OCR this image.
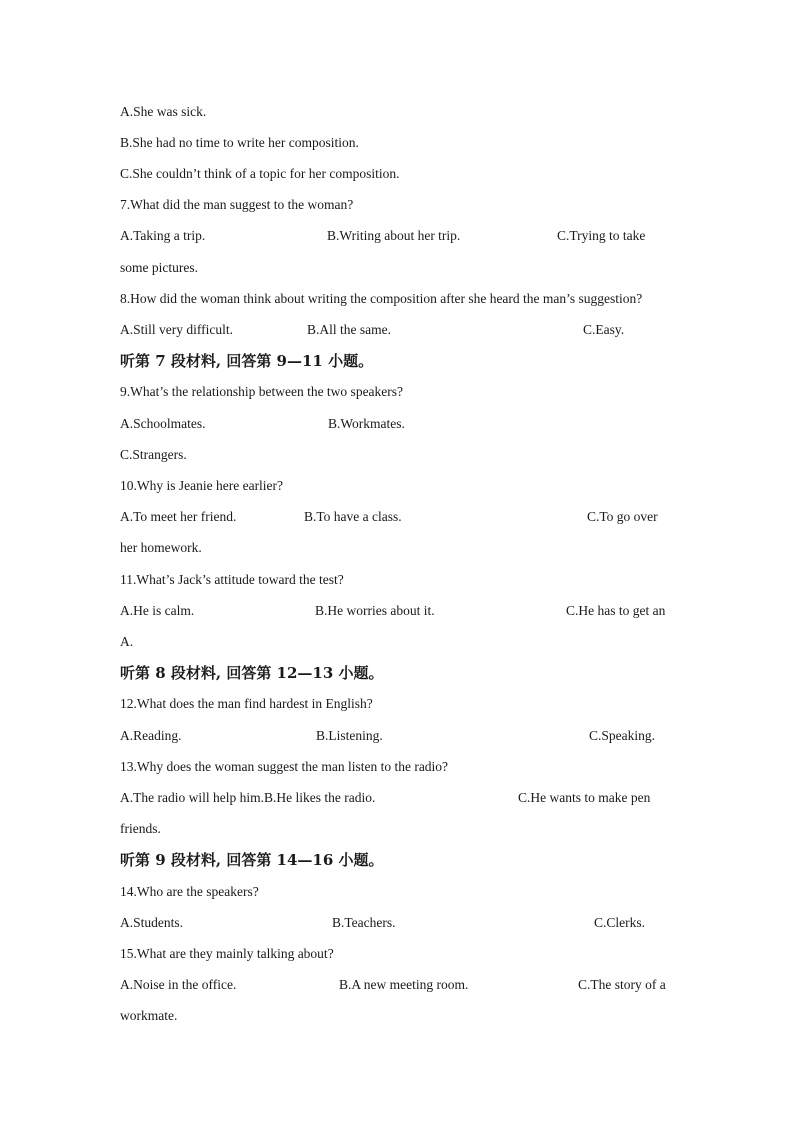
A.She was sick.
B.She had no time to write her composition.
C.She couldn’t think of a topic for her composition.
7.What did the man suggest to the woman?
A.Taking a trip.	B.Writing about her trip.	C.Trying to take
some pictures.
8.How did the woman think about writing the composition after she heard the man’s suggestion?
A.Still very difficult.	B.All the same.	C.Easy.
听第 7 段材料, 回答第 9—11 小题。
9.What’s the relationship between the two speakers?
A.Schoolmates.	B.Workmates.
C.Strangers.
10.Why is Jeanie here earlier?
A.To meet her friend.	B.To have a class.	C.To go over
her homework.
11.What’s Jack’s attitude toward the test?
A.He is calm.	B.He worries about it.	C.He has to get an
A.
听第 8 段材料, 回答第 12—13 小题。
12.What does the man find hardest in English?
A.Reading.	B.Listening.	C.Speaking.
13.Why does the woman suggest the man listen to the radio?
A.The radio will help him.B.He likes the radio.	C.He wants to make pen
friends.
听第 9 段材料, 回答第 14—16 小题。
14.Who are the speakers?
A.Students.	B.Teachers.	C.Clerks.
15.What are they mainly talking about?
A.Noise in the office.	B.A new meeting room.	C.The story of a
workmate.
